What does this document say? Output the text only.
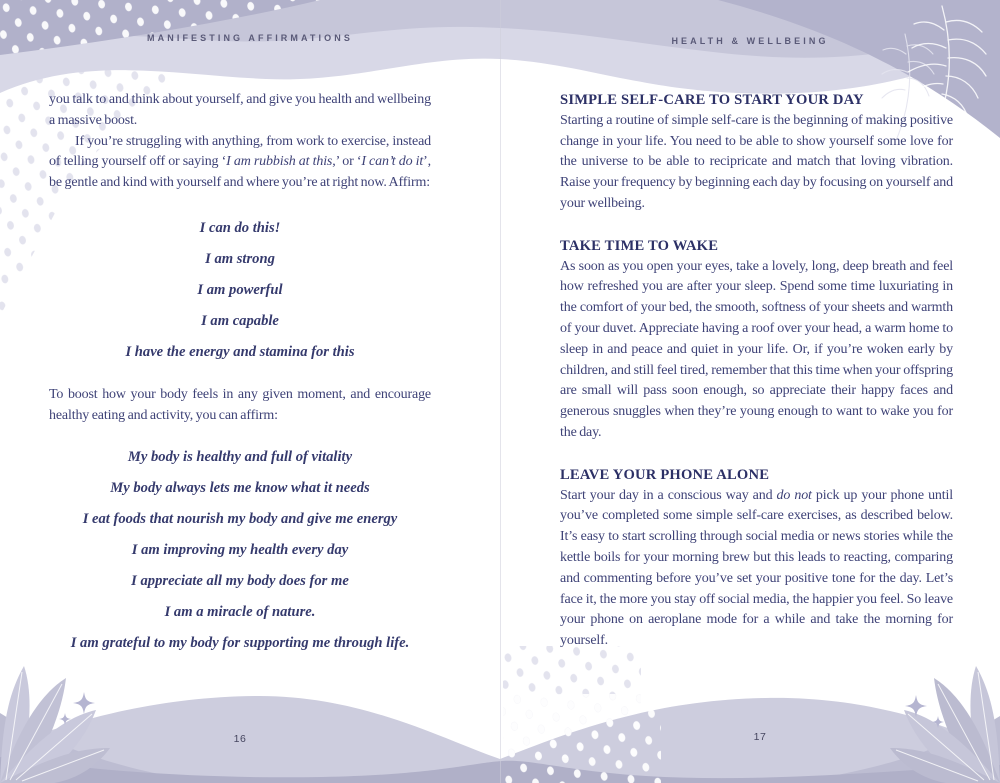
MANIFESTING AFFIRMATIONS	HEALTH & WELLBEING

you talk to and think about yourself, and give you health and wellbeing a massive boost.

If you’re struggling with anything, from work to exercise, instead of telling yourself off or saying ‘I am rubbish at this,’ or ‘I can’t do it’, be gentle and kind with yourself and where you’re at right now. Affirm:

I can do this!

I am strong

I am powerful

I am capable

I have the energy and stamina for this

To boost how your body feels in any given moment, and encourage healthy eating and activity, you can affirm:

My body is healthy and full of vitality

My body always lets me know what it needs

I eat foods that nourish my body and give me energy

I am improving my health every day

I appreciate all my body does for me

I am a miracle of nature.

I am grateful to my body for supporting me through life.

SIMPLE SELF-CARE TO START YOUR DAY

Starting a routine of simple self-care is the beginning of making positive change in your life. You need to be able to show yourself some love for the universe to be able to recipricate and match that loving vibration. Raise your frequency by beginning each day by focusing on yourself and your wellbeing.

TAKE TIME TO WAKE

As soon as you open your eyes, take a lovely, long, deep breath and feel how refreshed you are after your sleep. Spend some time luxuriating in the comfort of your bed, the smooth, softness of your sheets and warmth of your duvet. Appreciate having a roof over your head, a warm home to sleep in and peace and quiet in your life. Or, if you’re woken early by children, and still feel tired, remember that this time when your offspring are small will pass soon enough, so appreciate their happy faces and generous snuggles when they’re young enough to want to wake you for the day.

LEAVE YOUR PHONE ALONE

Start your day in a conscious way and do not pick up your phone until you’ve completed some simple self-care exercises, as described below. It’s easy to start scrolling through social media or news stories while the kettle boils for your morning brew but this leads to reacting, comparing and commenting before you’ve set your positive tone for the day. Let’s face it, the more you stay off social media, the happier you feel. So leave your phone on aeroplane mode for a while and take the morning for yourself.

16	17
